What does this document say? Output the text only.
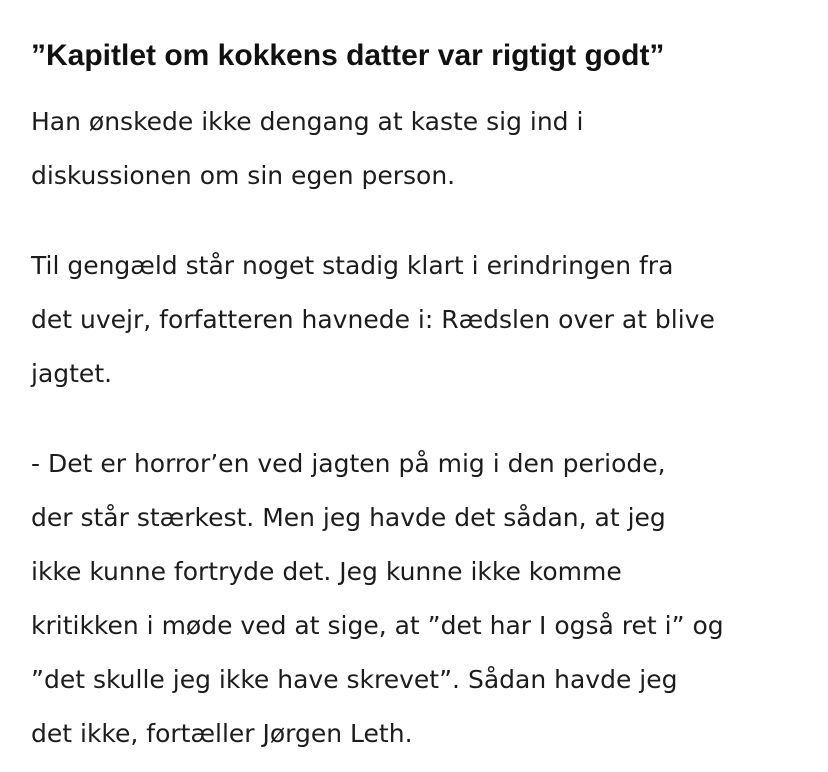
”Kapitlet om kokkens datter var rigtigt godt”

Han ønskede ikke dengang at kaste sig ind i
diskussionen om sin egen person.

Til gengæld står noget stadig klart i erindringen fra
det uvejr, forfatteren havnede i: Rædslen over at blive
jagtet.

- Det er horror’en ved jagten på mig i den periode,
der står stærkest. Men jeg havde det sådan, at jeg
ikke kunne fortryde det. Jeg kunne ikke komme
kritikken i møde ved at sige, at ”det har I også ret i” og
”det skulle jeg ikke have skrevet”. Sådan havde jeg
det ikke, fortæller Jørgen Leth.
